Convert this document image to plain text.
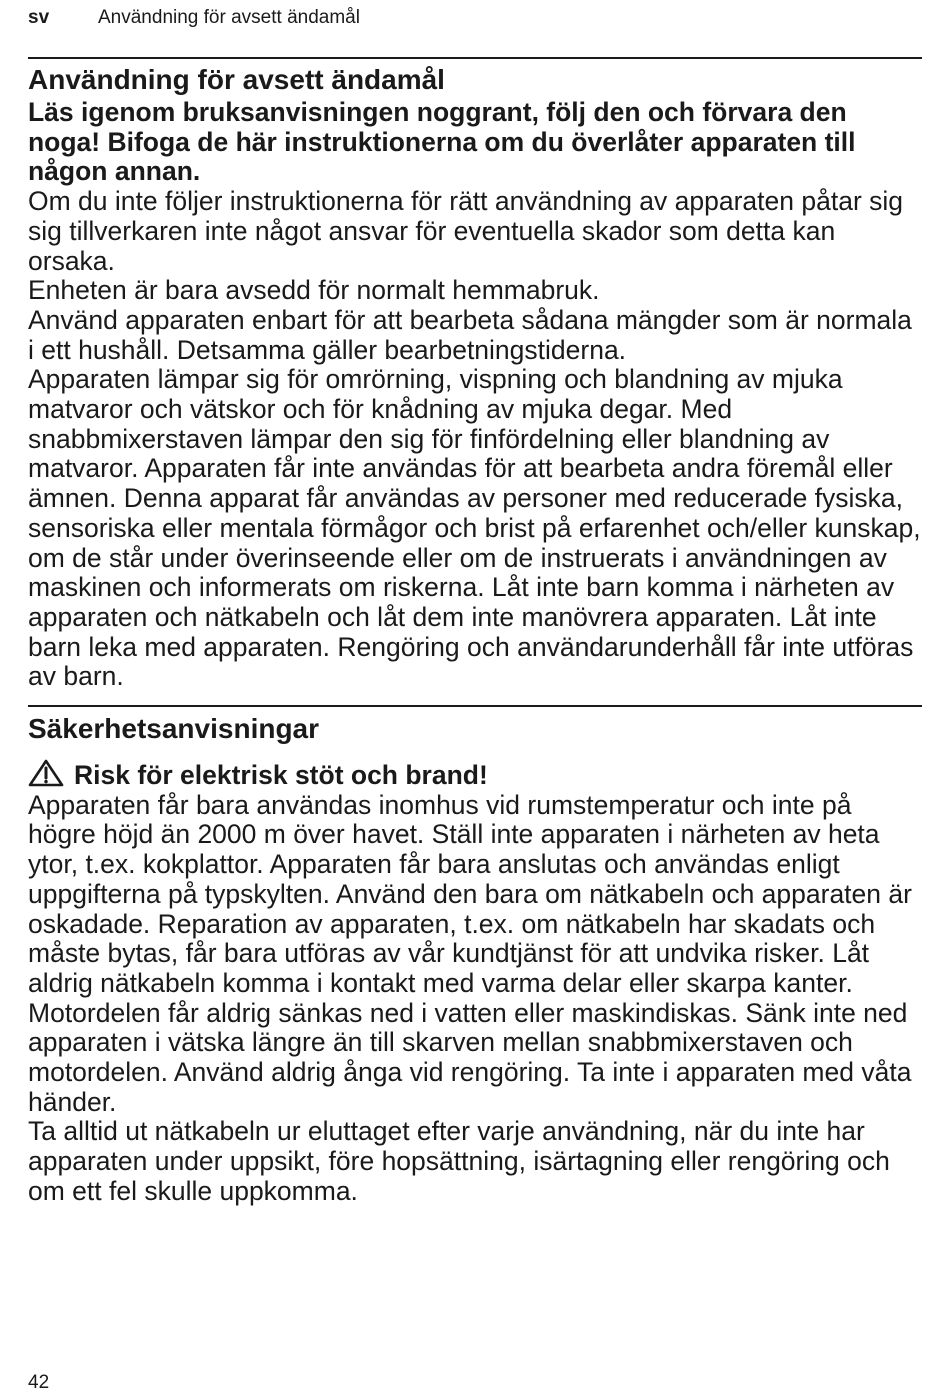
sv	Användning för avsett ändamål
Användning för avsett ändamål

Läs igenom bruksanvisningen noggrant, följ den och förvara den noga! Bifoga de här instruktionerna om du överlåter apparaten till någon annan.

Om du inte följer instruktionerna för rätt användning av apparaten påtar sig sig tillverkaren inte något ansvar för eventuella skador som detta kan orsaka.

Enheten är bara avsedd för normalt hemmabruk.

Använd apparaten enbart för att bearbeta sådana mängder som är normala i ett hushåll. Detsamma gäller bearbetningstiderna.

Apparaten lämpar sig för omrörning, vispning och blandning av mjuka matvaror och vätskor och för knådning av mjuka degar. Med snabbmixerstaven lämpar den sig för finfördelning eller blandning av matvaror. Apparaten får inte användas för att bearbeta andra föremål eller ämnen. Denna apparat får användas av personer med reducerade fysiska, sensoriska eller mentala förmågor och brist på erfarenhet och/eller kunskap, om de står under överinseende eller om de instruerats i användningen av maskinen och informerats om riskerna. Låt inte barn komma i närheten av apparaten och nätkabeln och låt dem inte manövrera apparaten. Låt inte barn leka med apparaten. Rengöring och användarunderhåll får inte utföras av barn.

Säkerhetsanvisningar
Risk för elektrisk stöt och brand!

Apparaten får bara användas inomhus vid rumstemperatur och inte på högre höjd än 2000 m över havet. Ställ inte apparaten i närheten av heta ytor, t.ex. kokplattor. Apparaten får bara anslutas och användas enligt uppgifterna på typskylten. Använd den bara om nätkabeln och apparaten är oskadade. Reparation av apparaten, t.ex. om nätkabeln har skadats och måste bytas, får bara utföras av vår kundtjänst för att undvika risker. Låt aldrig nätkabeln komma i kontakt med varma delar eller skarpa kanter. Motordelen får aldrig sänkas ned i vatten eller maskindiskas. Sänk inte ned apparaten i vätska längre än till skarven mellan snabbmixerstaven och motordelen. Använd aldrig ånga vid rengöring. Ta inte i apparaten med våta händer.

Ta alltid ut nätkabeln ur eluttaget efter varje användning, när du inte har apparaten under uppsikt, före hopsättning, isärtagning eller rengöring och om ett fel skulle uppkomma.

42
